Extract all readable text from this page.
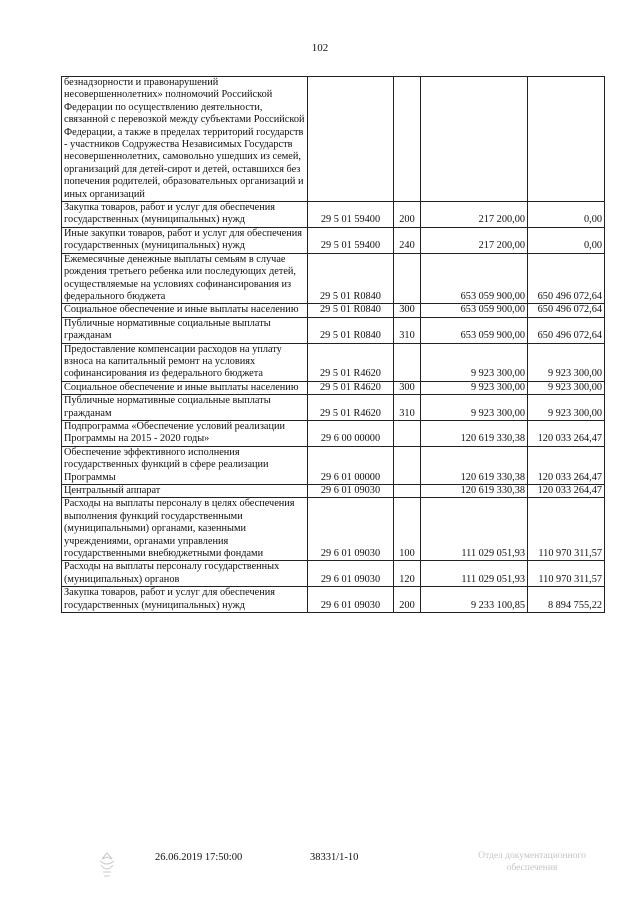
102
безнадзорности и правонарушений несовершеннолетних» полномочий Российской Федерации по осуществлению деятельности, связанной с перевозкой между субъектами Российской Федерации, а также в пределах территорий государств - участников Содружества Независимых Государств несовершеннолетних, самовольно ушедших из семей, организаций для детей-сирот и детей, оставшихся без попечения родителей, образовательных организаций и иных организаций				
Закупка товаров, работ и услуг для обеспечения государственных (муниципальных) нужд	29 5 01 59400	200	217 200,00	0,00
Иные закупки товаров, работ и услуг для обеспечения государственных (муниципальных) нужд	29 5 01 59400	240	217 200,00	0,00
Ежемесячные денежные выплаты семьям в случае рождения третьего ребенка или последующих детей, осуществляемые на условиях софинансирования из федерального бюджета	29 5 01 R0840		653 059 900,00	650 496 072,64
Социальное обеспечение и иные выплаты населению	29 5 01 R0840	300	653 059 900,00	650 496 072,64
Публичные нормативные социальные выплаты гражданам	29 5 01 R0840	310	653 059 900,00	650 496 072,64
Предоставление компенсации расходов на уплату взноса на капитальный ремонт на условиях софинансирования из федерального бюджета	29 5 01 R4620		9 923 300,00	9 923 300,00
Социальное обеспечение и иные выплаты населению	29 5 01 R4620	300	9 923 300,00	9 923 300,00
Публичные нормативные социальные выплаты гражданам	29 5 01 R4620	310	9 923 300,00	9 923 300,00
Подпрограмма «Обеспечение условий реализации Программы на 2015 - 2020 годы»	29 6 00 00000		120 619 330,38	120 033 264,47
Обеспечение эффективного исполнения государственных функций в сфере реализации Программы	29 6 01 00000		120 619 330,38	120 033 264,47
Центральный аппарат	29 6 01 09030		120 619 330,38	120 033 264,47
Расходы на выплаты персоналу в целях обеспечения выполнения функций государственными (муниципальными) органами, казенными учреждениями, органами управления государственными внебюджетными фондами	29 6 01 09030	100	111 029 051,93	110 970 311,57
Расходы на выплаты персоналу государственных (муниципальных) органов	29 6 01 09030	120	111 029 051,93	110 970 311,57
Закупка товаров, работ и услуг для обеспечения государственных (муниципальных) нужд	29 6 01 09030	200	9 233 100,85	8 894 755,22
26.06.2019 17:50:00	38331/1-10	Отдел документационного
обеспечения
